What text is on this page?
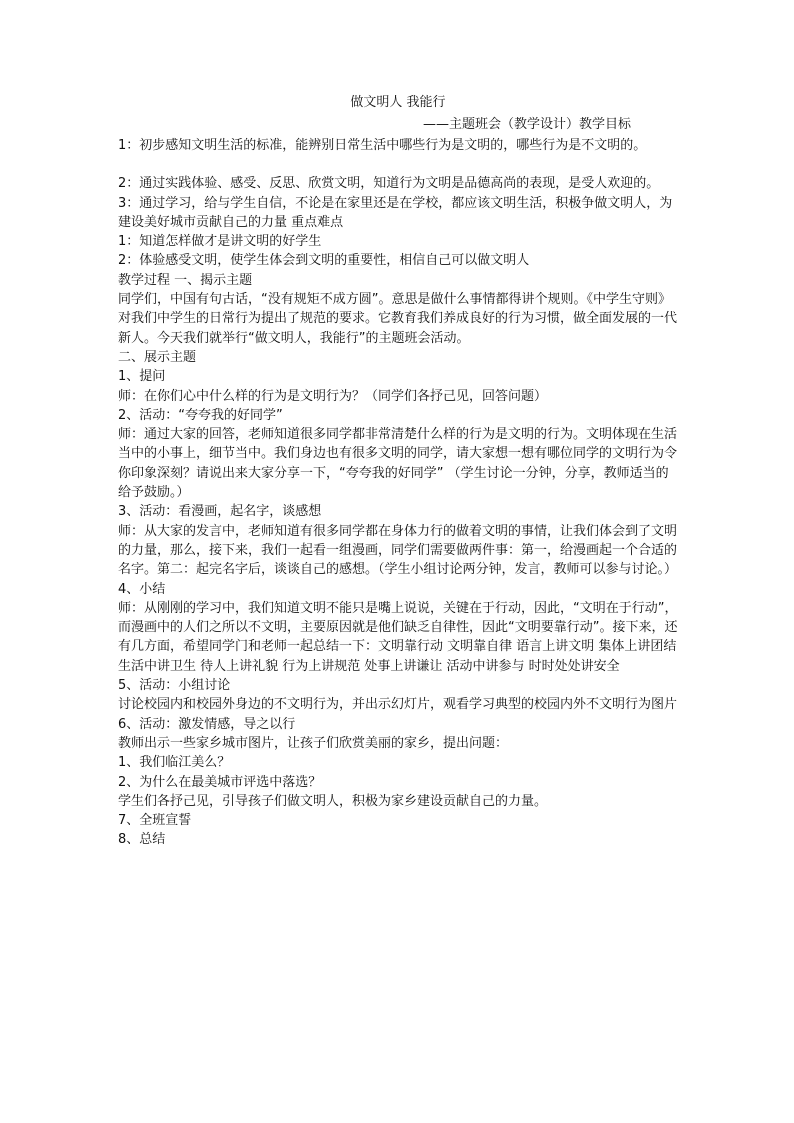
做文明人 我能行
——主题班会（教学设计）教学目标

1：初步感知文明生活的标准，能辨别日常生活中哪些行为是文明的，哪些行为是不文明的。

2：通过实践体验、感受、反思、欣赏文明，知道行为文明是品德高尚的表现，是受人欢迎的。

3：通过学习，给与学生自信，不论是在家里还是在学校，都应该文明生活，积极争做文明人，为建设美好城市贡献自己的力量 重点难点

1：知道怎样做才是讲文明的好学生

2：体验感受文明，使学生体会到文明的重要性，相信自己可以做文明人

教学过程 一、揭示主题

同学们，中国有句古话，“没有规矩不成方圆”。意思是做什么事情都得讲个规则。《中学生守则》对我们中学生的日常行为提出了规范的要求。它教育我们养成良好的行为习惯，做全面发展的一代新人。今天我们就举行“做文明人，我能行”的主题班会活动。

二、展示主题

1、提问

师：在你们心中什么样的行为是文明行为？（同学们各抒己见，回答问题）

2、活动：“夸夸我的好同学”

师：通过大家的回答，老师知道很多同学都非常清楚什么样的行为是文明的行为。文明体现在生活当中的小事上，细节当中。我们身边也有很多文明的同学，请大家想一想有哪位同学的文明行为令你印象深刻？请说出来大家分享一下，“夸夸我的好同学” （学生讨论一分钟，分享，教师适当的给予鼓励。）

3、活动：看漫画，起名字，谈感想

师：从大家的发言中，老师知道有很多同学都在身体力行的做着文明的事情，让我们体会到了文明的力量，那么，接下来，我们一起看一组漫画，同学们需要做两件事：第一，给漫画起一个合适的名字。第二：起完名字后，谈谈自己的感想。（学生小组讨论两分钟，发言，教师可以参与讨论。）

4、小结

师：从刚刚的学习中，我们知道文明不能只是嘴上说说，关键在于行动，因此，“文明在于行动”，而漫画中的人们之所以不文明，主要原因就是他们缺乏自律性，因此“文明要靠行动”。接下来，还有几方面，希望同学门和老师一起总结一下：文明靠行动 文明靠自律 语言上讲文明 集体上讲团结 生活中讲卫生 待人上讲礼貌 行为上讲规范 处事上讲谦让 活动中讲参与 时时处处讲安全

5、活动：小组讨论

讨论校园内和校园外身边的不文明行为，并出示幻灯片，观看学习典型的校园内外不文明行为图片

6、活动：激发情感，导之以行

教师出示一些家乡城市图片，让孩子们欣赏美丽的家乡，提出问题：

1、我们临江美么？

2、为什么在最美城市评选中落选？

学生们各抒己见，引导孩子们做文明人，积极为家乡建设贡献自己的力量。

7、全班宣誓

8、总结
